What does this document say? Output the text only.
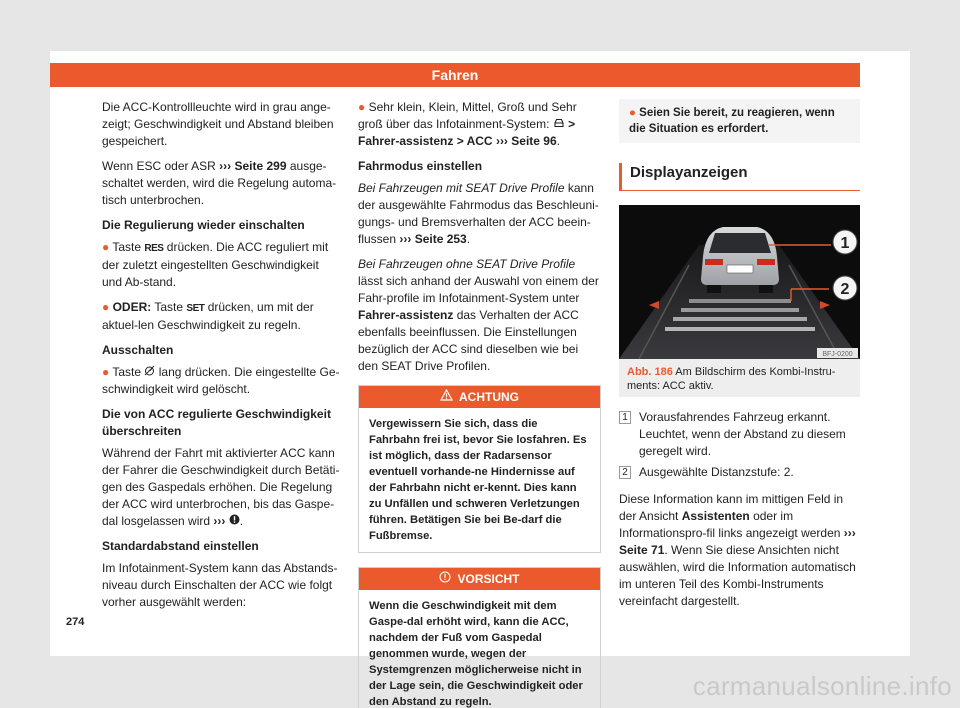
Fahren

Die ACC-Kontrollleuchte wird in grau ange-zeigt; Geschwindigkeit und Abstand bleiben gespeichert.

Wenn ESC oder ASR ››› Seite 299 ausge-schaltet werden, wird die Regelung automa-tisch unterbrochen.

Die Regulierung wieder einschalten

● Taste RES drücken. Die ACC reguliert mit der zuletzt eingestellten Geschwindigkeit und Ab-stand.

● ODER: Taste SET drücken, um mit der aktuel-len Geschwindigkeit zu regeln.

Ausschalten

● Taste  lang drücken. Die eingestellte Ge-schwindigkeit wird gelöscht.

Die von ACC regulierte Geschwindigkeit überschreiten

Während der Fahrt mit aktivierter ACC kann der Fahrer die Geschwindigkeit durch Betäti-gen des Gaspedals erhöhen. Die Regelung der ACC wird unterbrochen, bis das Gaspe-dal losgelassen wird ››› .

Standardabstand einstellen

Im Infotainment-System kann das Abstands-niveau durch Einschalten der ACC wie folgt vorher ausgewählt werden:

● Sehr klein, Klein, Mittel, Groß und Sehr groß über das Infotainment-System:  > Fahrer-assistenz > ACC ››› Seite 96.

Fahrmodus einstellen

Bei Fahrzeugen mit SEAT Drive Profile kann der ausgewählte Fahrmodus das Beschleuni-gungs- und Bremsverhalten der ACC beein-flussen ››› Seite 253.

Bei Fahrzeugen ohne SEAT Drive Profile lässt sich anhand der Auswahl von einem der Fahr-profile im Infotainment-System unter Fahrer-assistenz das Verhalten der ACC ebenfalls beeinflussen. Die Einstellungen bezüglich der ACC sind dieselben wie bei den SEAT Drive Profilen.

ACHTUNG
Vergewissern Sie sich, dass die Fahrbahn frei ist, bevor Sie losfahren. Es ist möglich, dass der Radarsensor eventuell vorhande-ne Hindernisse auf der Fahrbahn nicht er-kennt. Dies kann zu Unfällen und schweren Verletzungen führen. Betätigen Sie bei Be-darf die Fußbremse.
VORSICHT
Wenn die Geschwindigkeit mit dem Gaspe-dal erhöht wird, kann die ACC, nachdem der Fuß vom Gaspedal genommen wurde, wegen der Systemgrenzen möglicherweise nicht in der Lage sein, die Geschwindigkeit oder den Abstand zu regeln.
● Seien Sie bereit, zu reagieren, wenn die Situation es erfordert.
Displayanzeigen
1
2
BFJ-0200
Abb. 186 Am Bildschirm des Kombi-Instru-ments: ACC aktiv.
1 Vorausfahrendes Fahrzeug erkannt. Leuchtet, wenn der Abstand zu diesem geregelt wird.
2 Ausgewählte Distanzstufe: 2.

Diese Information kann im mittigen Feld in der Ansicht Assistenten oder im Informationspro-fil links angezeigt werden ››› Seite 71. Wenn Sie diese Ansichten nicht auswählen, wird die Information automatisch im unteren Teil des Kombi-Instruments vereinfacht dargestellt.

274
carmanualsonline.info
